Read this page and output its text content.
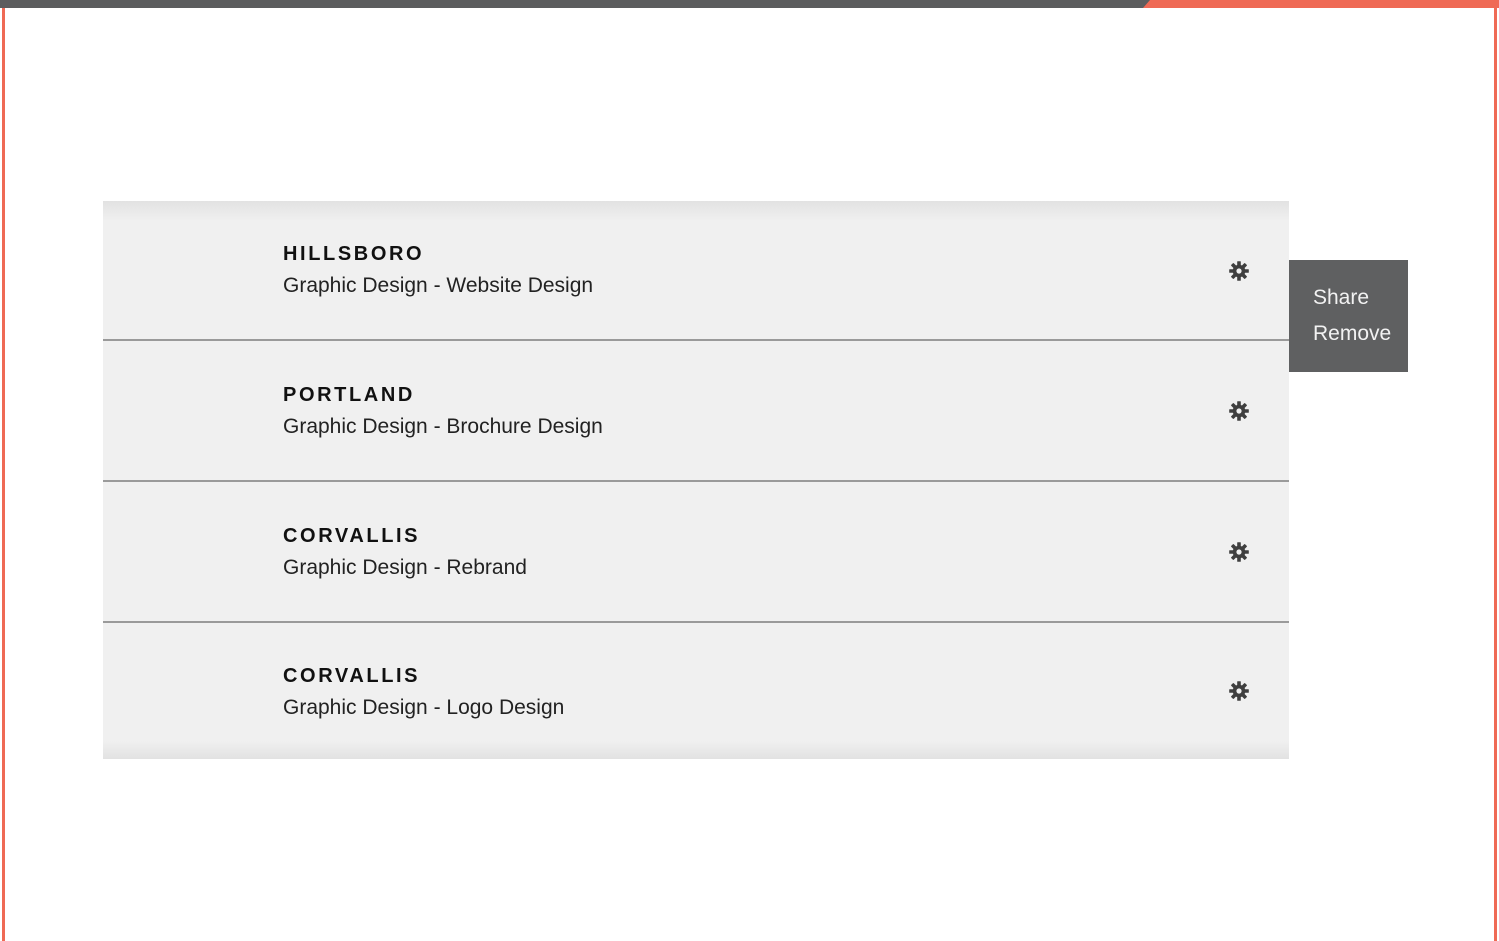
HILLSBORO
Graphic Design - Website Design
PORTLAND
Graphic Design - Brochure Design
CORVALLIS
Graphic Design - Rebrand
CORVALLIS
Graphic Design - Logo Design
Share
Remove
